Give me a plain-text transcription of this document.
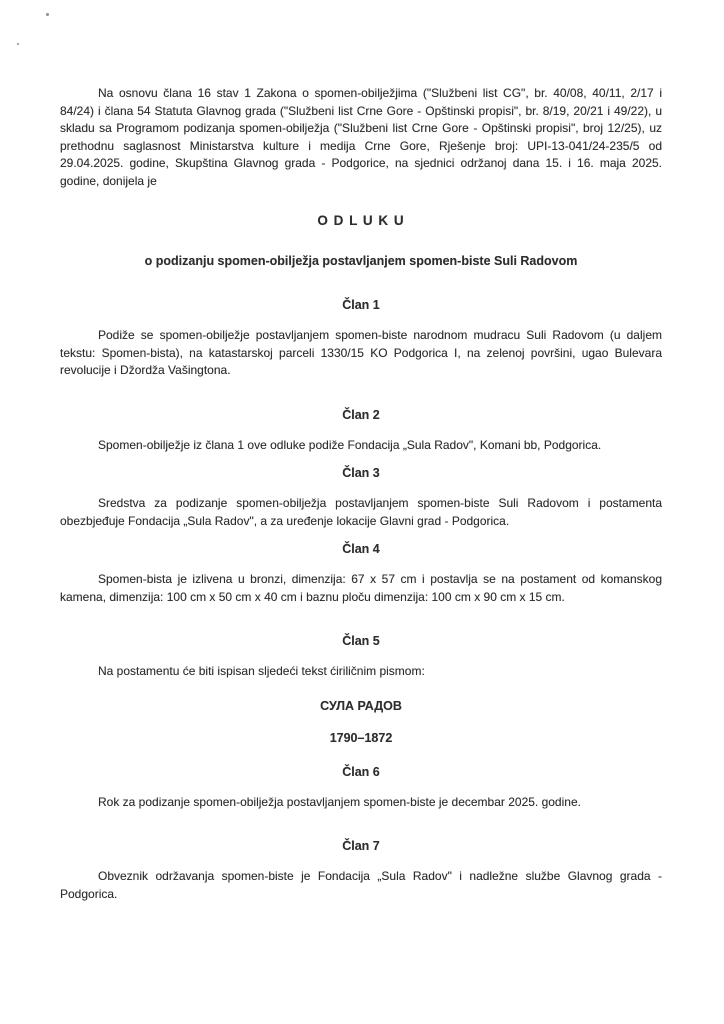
Na osnovu člana 16 stav 1 Zakona o spomen-obilježjima ("Službeni list CG", br. 40/08, 40/11, 2/17 i 84/24) i člana 54 Statuta Glavnog grada ("Službeni list Crne Gore - Opštinski propisi", br. 8/19, 20/21 i 49/22), u skladu sa Programom podizanja spomen-obilježja ("Službeni list Crne Gore - Opštinski propisi", broj 12/25), uz prethodnu saglasnost Ministarstva kulture i medija Crne Gore, Rješenje broj: UPI-13-041/24-235/5 od 29.04.2025. godine, Skupština Glavnog grada - Podgorice, na sjednici održanoj dana 15. i 16. maja 2025. godine, donijela je

O D L U K U
o podizanju spomen-obilježja postavljanjem spomen-biste Suli Radovom
Član 1

Podiže se spomen-obilježje postavljanjem spomen-biste narodnom mudracu Suli Radovom (u daljem tekstu: Spomen-bista), na katastarskoj parceli 1330/15 KO Podgorica I, na zelenoj površini, ugao Bulevara revolucije i Džordža Vašingtona.

Član 2

Spomen-obilježje iz člana 1 ove odluke podiže Fondacija „Sula Radov", Komani bb, Podgorica.

Član 3

Sredstva za podizanje spomen-obilježja postavljanjem spomen-biste Suli Radovom i postamenta obezbjeđuje Fondacija „Sula Radov", a za uređenje lokacije Glavni grad - Podgorica.

Član 4

Spomen-bista je izlivena u bronzi, dimenzija: 67 x 57 cm i postavlja se na postament od komanskog kamena, dimenzija: 100 cm x 50 cm x 40 cm i baznu ploču dimenzija: 100 cm x 90 cm x 15 cm.

Član 5

Na postamentu će biti ispisan sljedeći tekst ćiriličnim pismom:

СУЛА РАДОВ
1790–1872
Član 6

Rok za podizanje spomen-obilježja postavljanjem spomen-biste je decembar 2025. godine.

Član 7

Obveznik održavanja spomen-biste je Fondacija „Sula Radov" i nadležne službe Glavnog grada - Podgorica.
